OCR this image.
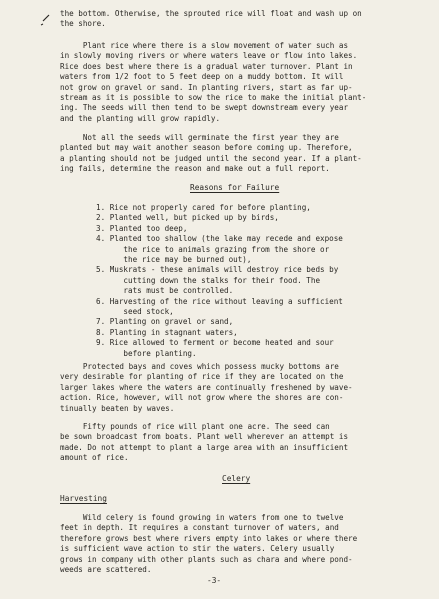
the bottom. Otherwise, the sprouted rice will float and wash up on
the shore.
Plant rice where there is a slow movement of water such as
in slowly moving rivers or where waters leave or flow into lakes.
Rice does best where there is a gradual water turnover. Plant in
waters from 1/2 foot to 5 feet deep on a muddy bottom. It will
not grow on gravel or sand. In planting rivers, start as far up-
stream as it is possible to sow the rice to make the initial plant-
ing. The seeds will then tend to be swept downstream every year
and the planting will grow rapidly.
Not all the seeds will germinate the first year they are
planted but may wait another season before coming up. Therefore,
a planting should not be judged until the second year. If a plant-
ing fails, determine the reason and make out a full report.
Reasons for Failure
1. Rice not properly cared for before planting,
2. Planted well, but picked up by birds,
3. Planted too deep,
4. Planted too shallow (the lake may recede and expose
the rice to animals grazing from the shore or
the rice may be burned out),
5. Muskrats - these animals will destroy rice beds by
cutting down the stalks for their food. The
rats must be controlled.
6. Harvesting of the rice without leaving a sufficient
seed stock,
7. Planting on gravel or sand,
8. Planting in stagnant waters,
9. Rice allowed to ferment or become heated and sour
before planting.
Protected bays and coves which possess mucky bottoms are
very desirable for planting of rice if they are located on the
larger lakes where the waters are continually freshened by wave-
action. Rice, however, will not grow where the shores are con-
tinually beaten by waves.
Fifty pounds of rice will plant one acre. The seed can
be sown broadcast from boats. Plant well wherever an attempt is
made. Do not attempt to plant a large area with an insufficient
amount of rice.
Celery
Harvesting
Wild celery is found growing in waters from one to twelve
feet in depth. It requires a constant turnover of waters, and
therefore grows best where rivers empty into lakes or where there
is sufficient wave action to stir the waters. Celery usually
grows in company with other plants such as chara and where pond-
weeds are scattered.
-3-
